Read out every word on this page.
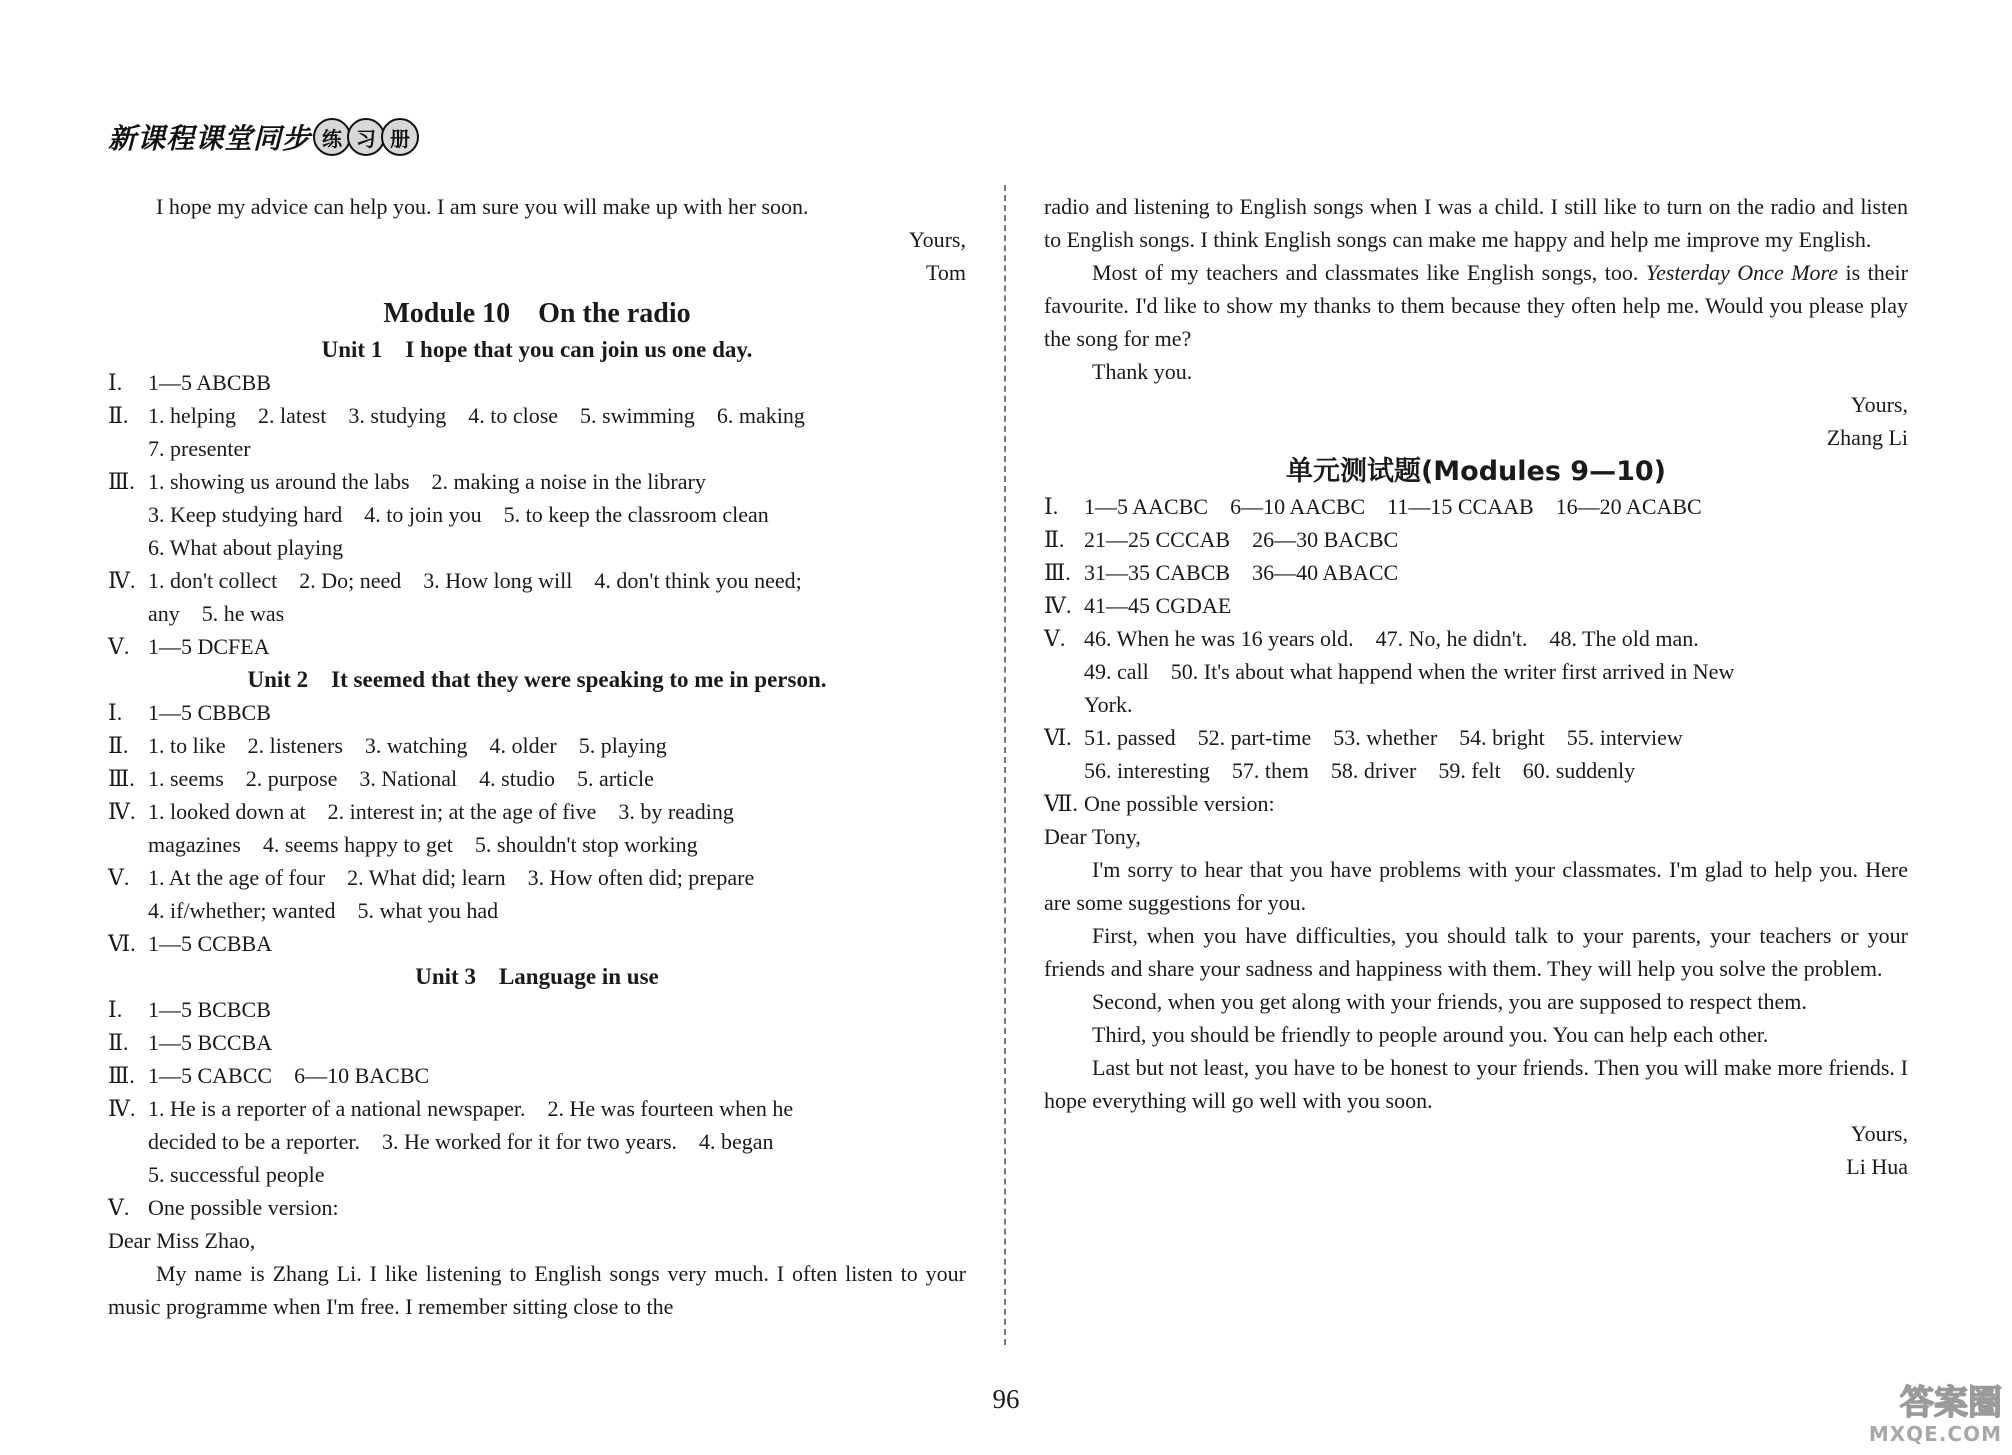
新课程课堂同步 练 习 册

I hope my advice can help you. I am sure you will make up with her soon.

Yours,

Tom

Module 10　On the radio
Unit 1　I hope that you can join us one day.
Ⅰ.	1—5 ABCBB
Ⅱ. 1. helping　2. latest　3. studying　4. to close　5. swimming　6. making
7. presenter
Ⅲ. 1. showing us around the labs　2. making a noise in the library
3. Keep studying hard　4. to join you　5. to keep the classroom clean
6. What about playing
Ⅳ. 1. don't collect　2. Do; need　3. How long will　4. don't think you need;
any　5. he was
Ⅴ. 1—5 DCFEA
Unit 2　It seemed that they were speaking to me in person.
Ⅰ.	1—5 CBBCB
Ⅱ. 1. to like　2. listeners　3. watching　4. older　5. playing
Ⅲ. 1. seems　2. purpose　3. National　4. studio　5. article
Ⅳ. 1. looked down at　2. interest in; at the age of five　3. by reading
magazines　4. seems happy to get　5. shouldn't stop working
Ⅴ. 1. At the age of four　2. What did; learn　3. How often did; prepare
4. if/whether; wanted　5. what you had
Ⅵ. 1—5 CCBBA
Unit 3　Language in use
Ⅰ.	1—5 BCBCB
Ⅱ. 1—5 BCCBA
Ⅲ. 1—5 CABCC　6—10 BACBC
Ⅳ. 1. He is a reporter of a national newspaper.　2. He was fourteen when he
decided to be a reporter.　3. He worked for it for two years.　4. began
5. successful people
Ⅴ. One possible version:

Dear Miss Zhao,

My name is Zhang Li. I like listening to English songs very much. I often listen to your music programme when I'm free. I remember sitting close to the

radio and listening to English songs when I was a child. I still like to turn on the radio and listen to English songs. I think English songs can make me happy and help me improve my English.

Most of my teachers and classmates like English songs, too. Yesterday Once More is their favourite. I'd like to show my thanks to them because they often help me. Would you please play the song for me?

Thank you.

Yours,

Zhang Li

单元测试题(Modules 9—10)
Ⅰ.	1—5 AACBC　6—10 AACBC　11—15 CCAAB　16—20 ACABC
Ⅱ. 21—25 CCCAB　26—30 BACBC
Ⅲ. 31—35 CABCB　36—40 ABACC
Ⅳ. 41—45 CGDAE
Ⅴ. 46. When he was 16 years old.　47. No, he didn't.　48. The old man.
49. call　50. It's about what happend when the writer first arrived in New
York.
Ⅵ. 51. passed　52. part-time　53. whether　54. bright　55. interview
56. interesting　57. them　58. driver　59. felt　60. suddenly
Ⅶ. One possible version:

Dear Tony,

I'm sorry to hear that you have problems with your classmates. I'm glad to help you. Here are some suggestions for you.

First, when you have difficulties, you should talk to your parents, your teachers or your friends and share your sadness and happiness with them. They will help you solve the problem.

Second, when you get along with your friends, you are supposed to respect them.

Third, you should be friendly to people around you. You can help each other.

Last but not least, you have to be honest to your friends. Then you will make more friends. I hope everything will go well with you soon.

Yours,

Li Hua

96	答案圈
MXQE.COM
